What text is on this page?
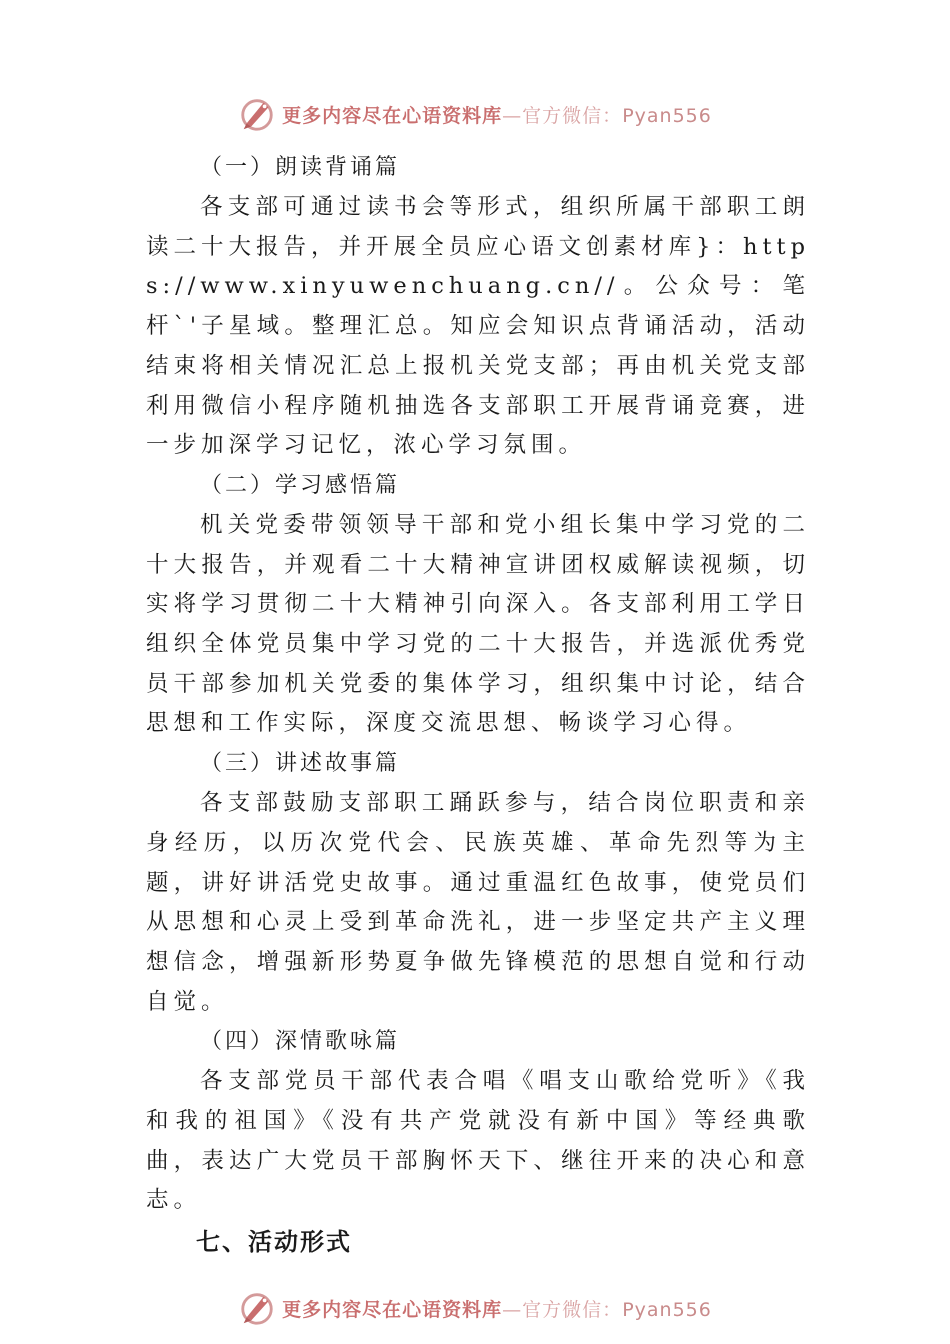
更多内容尽在心语资料库—官方微信：Pyan556

（一）朗读背诵篇

各支部可通过读书会等形式，组织所属干部职工朗读二十大报告，并开展全员应心语文创素材库}：https://www.xinyuwenchuang.cn//。公众号：笔杆`'子星域。整理汇总。知应会知识点背诵活动，活动结束将相关情况汇总上报机关党支部；再由机关党支部利用微信小程序随机抽选各支部职工开展背诵竞赛，进一步加深学习记忆，浓心学习氛围。

（二）学习感悟篇

机关党委带领领导干部和党小组长集中学习党的二十大报告，并观看二十大精神宣讲团权威解读视频，切实将学习贯彻二十大精神引向深入。各支部利用工学日组织全体党员集中学习党的二十大报告，并选派优秀党员干部参加机关党委的集体学习，组织集中讨论，结合思想和工作实际，深度交流思想、畅谈学习心得。

（三）讲述故事篇

各支部鼓励支部职工踊跃参与，结合岗位职责和亲身经历，以历次党代会、民族英雄、革命先烈等为主题，讲好讲活党史故事。通过重温红色故事，使党员们从思想和心灵上受到革命洗礼，进一步坚定共产主义理想信念，增强新形势夏争做先锋模范的思想自觉和行动自觉。

（四）深情歌咏篇

各支部党员干部代表合唱《唱支山歌给党听》《我和我的祖国》《没有共产党就没有新中国》等经典歌曲，表达广大党员干部胸怀天下、继往开来的决心和意志。

七、活动形式

更多内容尽在心语资料库—官方微信：Pyan556
